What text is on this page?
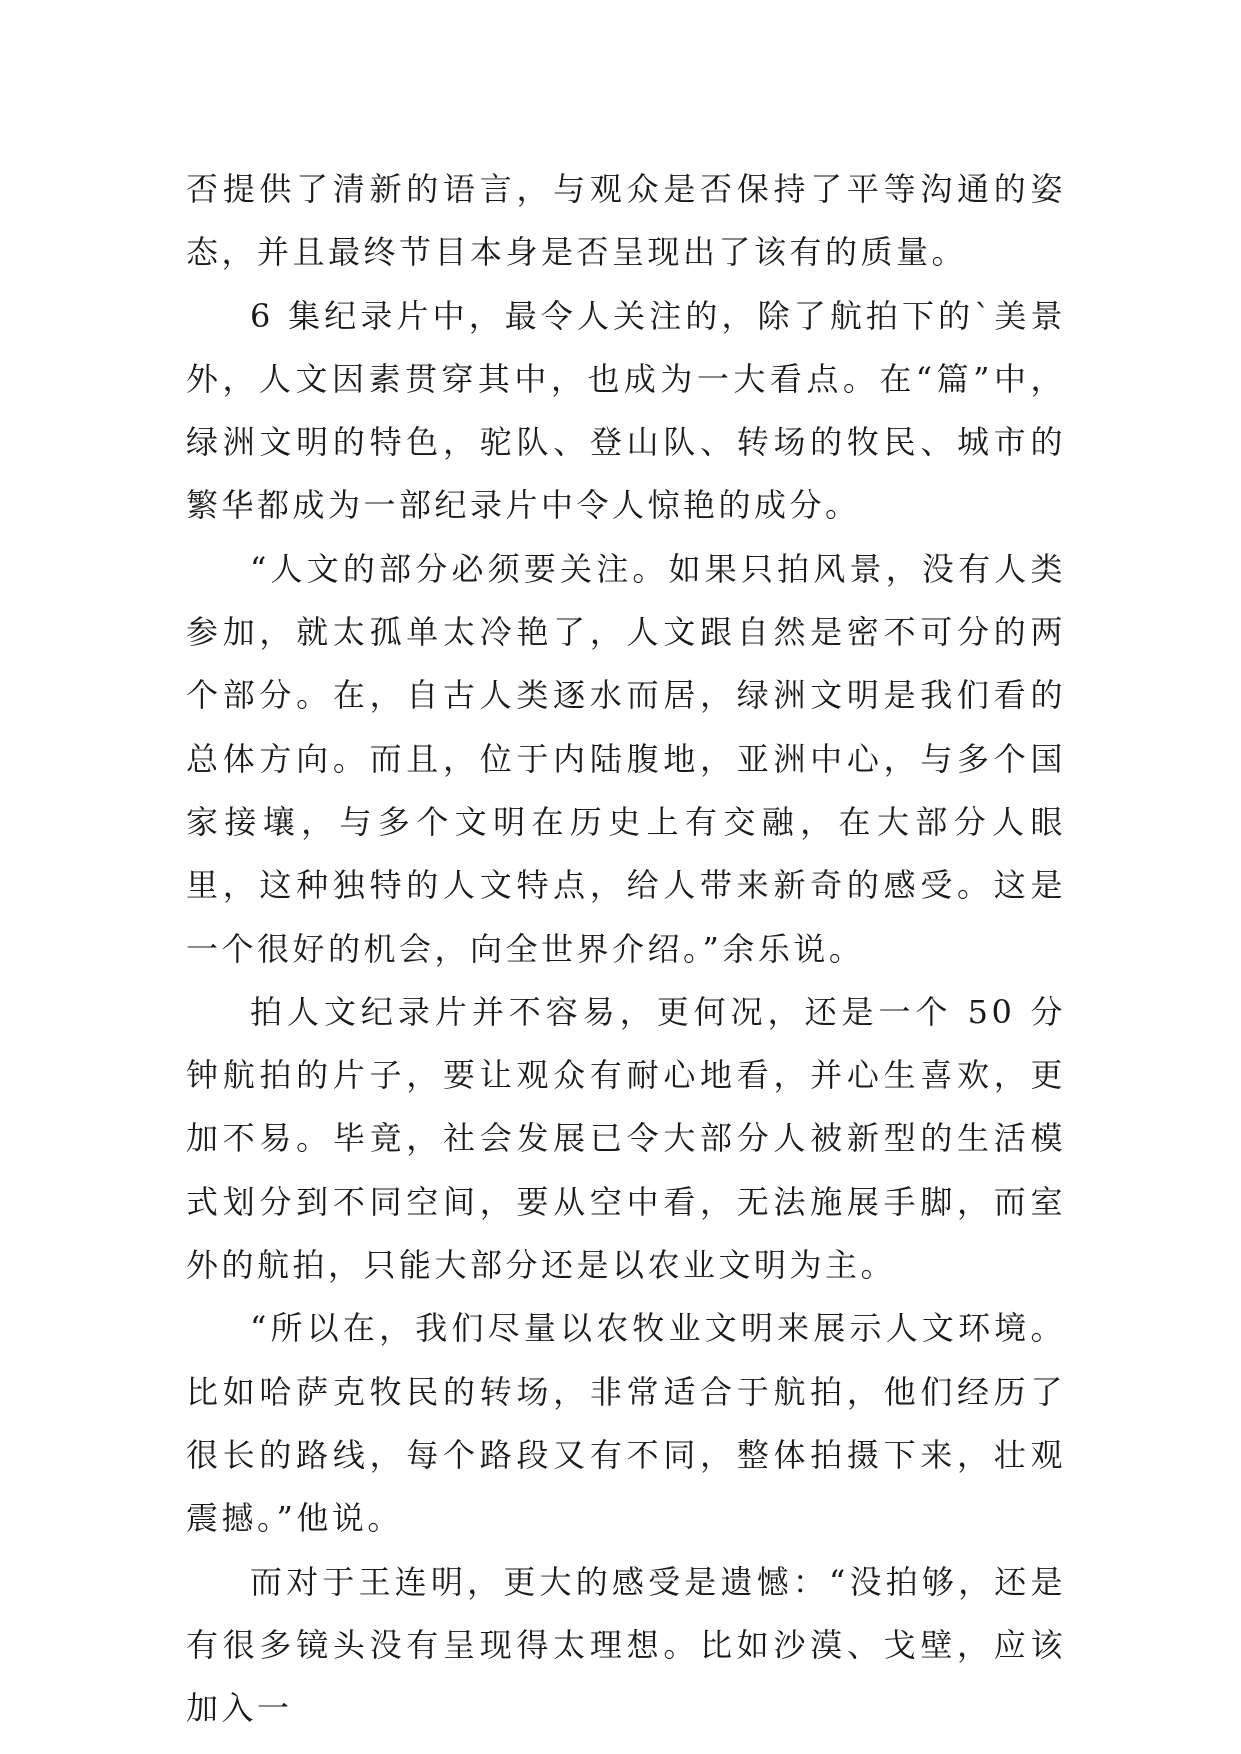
否提供了清新的语言，与观众是否保持了平等沟通的姿态，并且最终节目本身是否呈现出了该有的质量。

6 集纪录片中，最令人关注的，除了航拍下的`美景外，人文因素贯穿其中，也成为一大看点。在“篇”中，绿洲文明的特色，驼队、登山队、转场的牧民、城市的繁华都成为一部纪录片中令人惊艳的成分。

“人文的部分必须要关注。如果只拍风景，没有人类参加，就太孤单太冷艳了，人文跟自然是密不可分的两个部分。在，自古人类逐水而居，绿洲文明是我们看的总体方向。而且，位于内陆腹地，亚洲中心，与多个国家接壤，与多个文明在历史上有交融，在大部分人眼里，这种独特的人文特点，给人带来新奇的感受。这是一个很好的机会，向全世界介绍。”余乐说。

拍人文纪录片并不容易，更何况，还是一个 50 分钟航拍的片子，要让观众有耐心地看，并心生喜欢，更加不易。毕竟，社会发展已令大部分人被新型的生活模式划分到不同空间，要从空中看，无法施展手脚，而室外的航拍，只能大部分还是以农业文明为主。

“所以在，我们尽量以农牧业文明来展示人文环境。比如哈萨克牧民的转场，非常适合于航拍，他们经历了很长的路线，每个路段又有不同，整体拍摄下来，壮观震撼。”他说。

而对于王连明，更大的感受是遗憾：“没拍够，还是有很多镜头没有呈现得太理想。比如沙漠、戈壁，应该加入一
